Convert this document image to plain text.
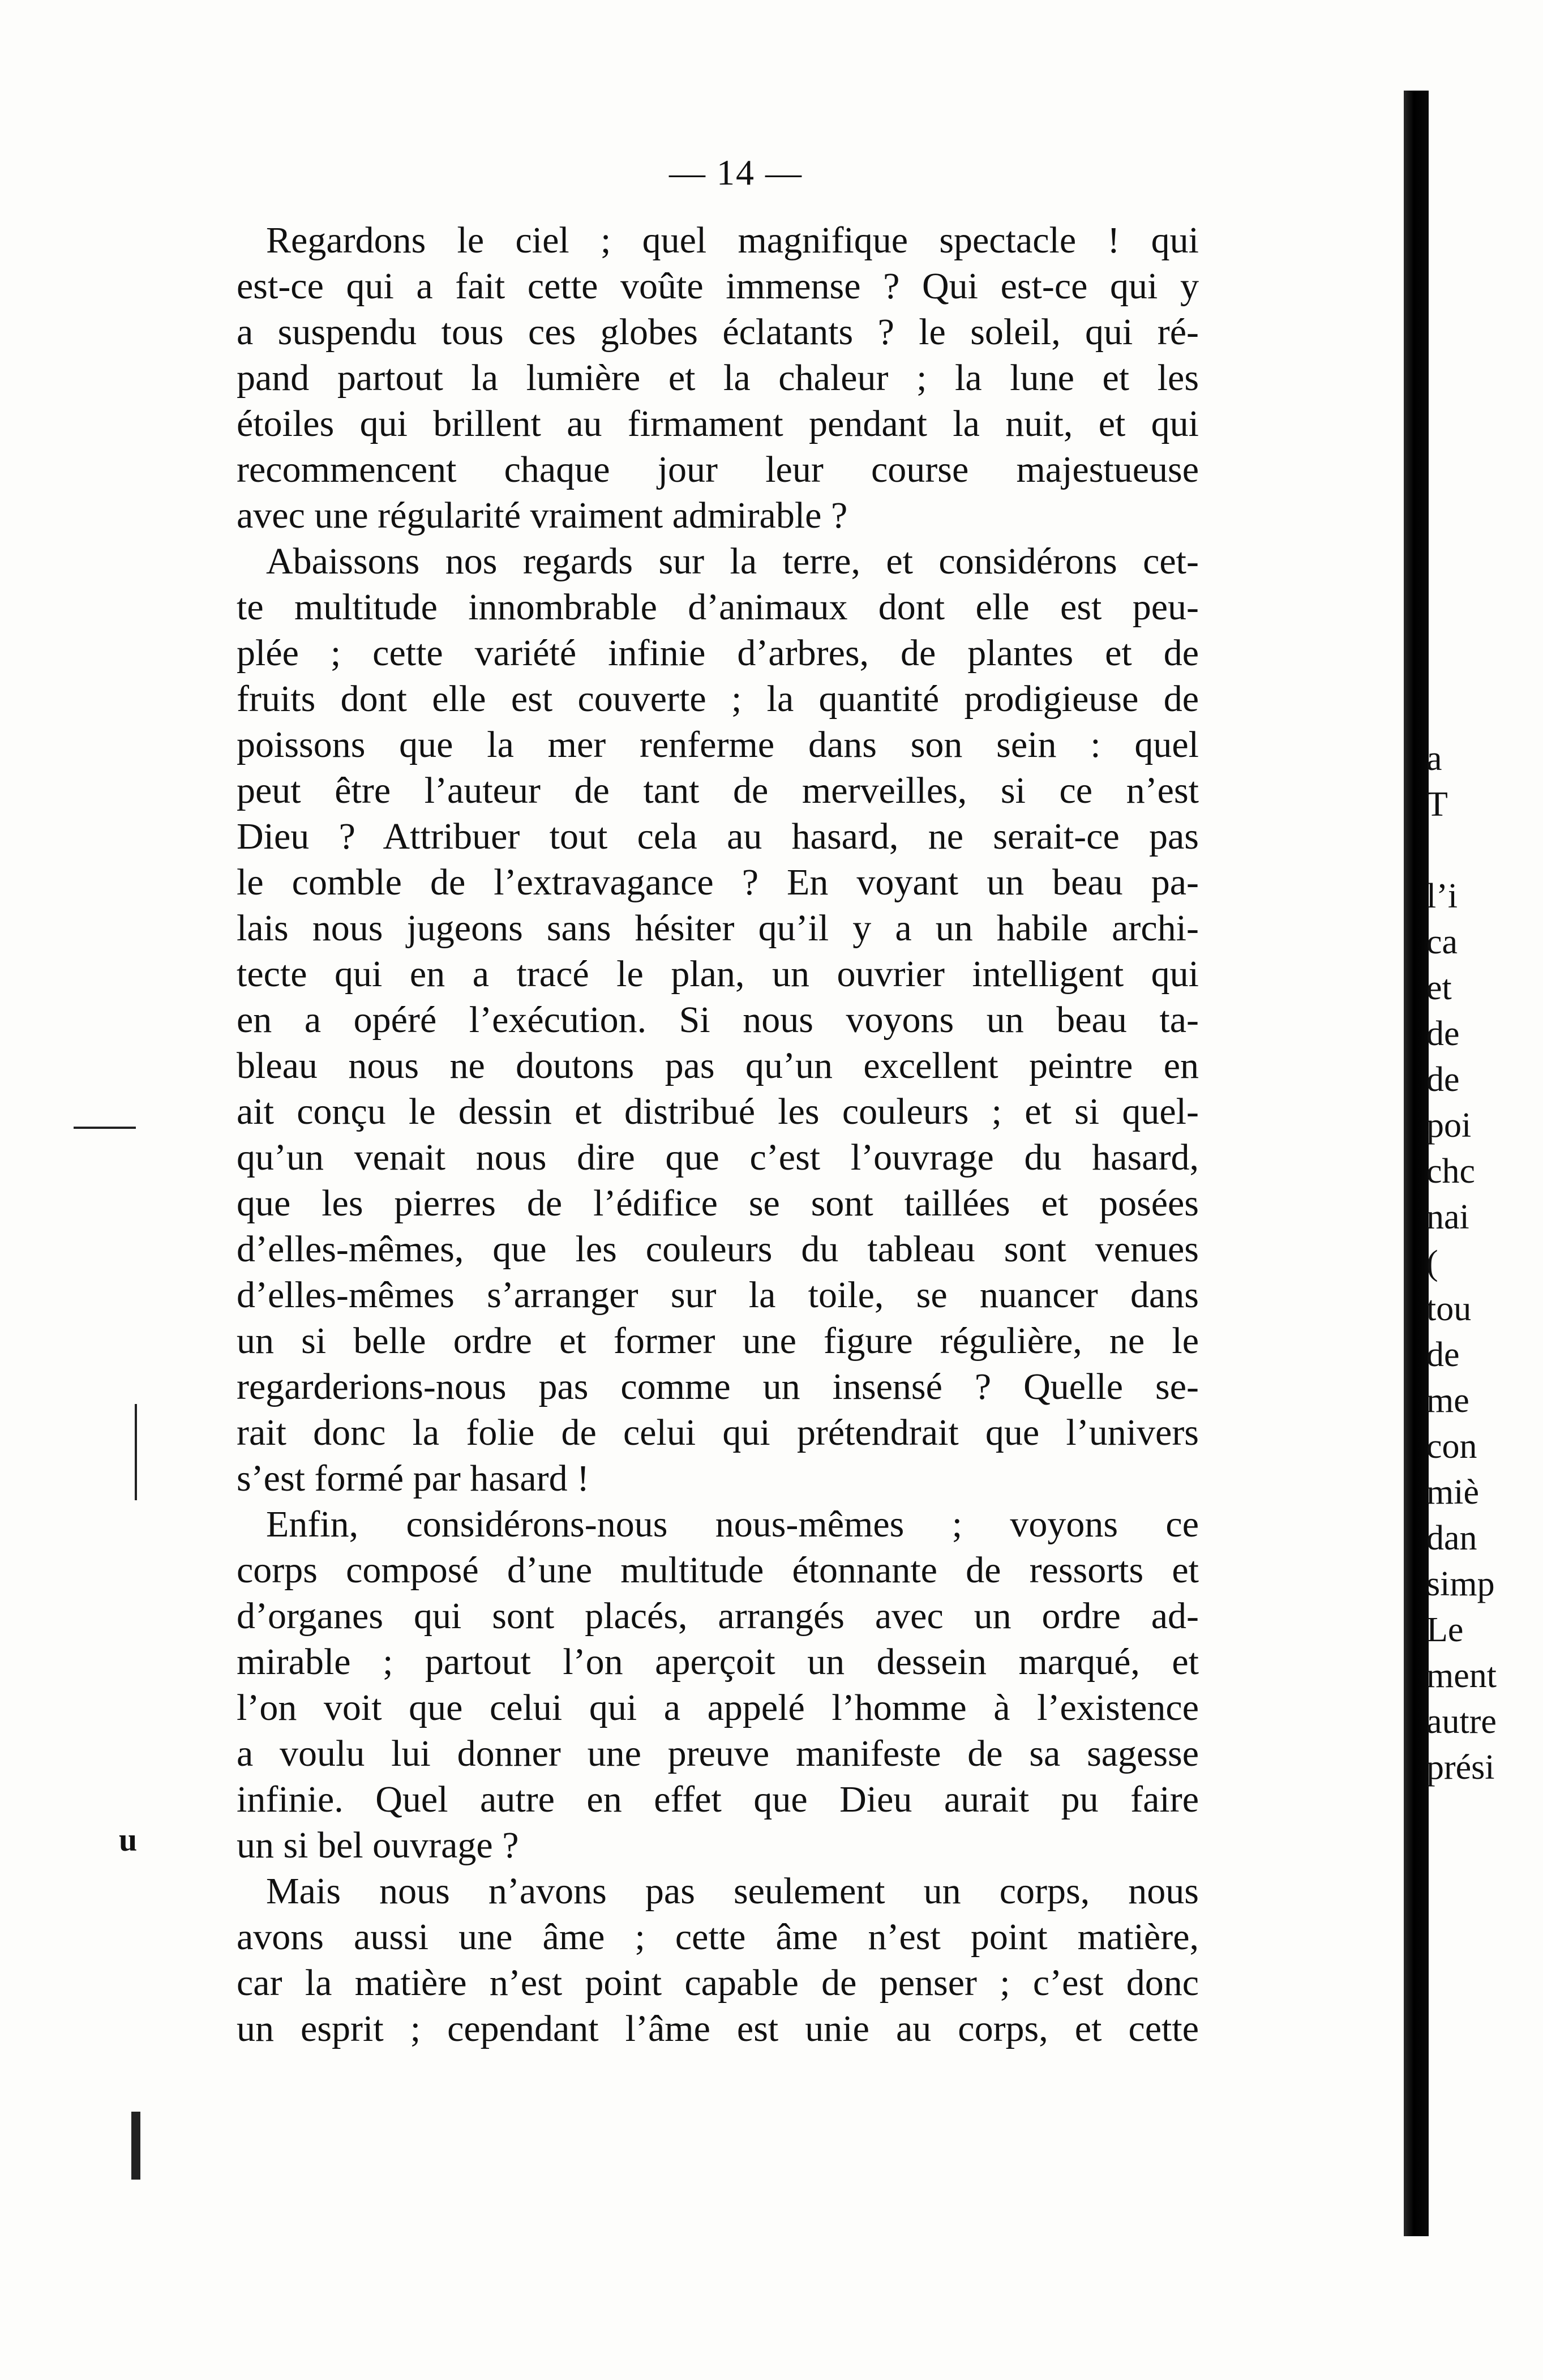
— 14 —
Regardons le ciel ; quel magnifique spectacle ! qui
est-ce qui a fait cette voûte immense ? Qui est-ce qui y
a suspendu tous ces globes éclatants ? le soleil, qui ré-
pand partout la lumière et la chaleur ; la lune et les
étoiles qui brillent au firmament pendant la nuit, et qui
recommencent chaque jour leur course majestueuse
avec une régularité vraiment admirable ?
Abaissons nos regards sur la terre, et considérons cet-
te multitude innombrable d’animaux dont elle est peu-
plée ; cette variété infinie d’arbres, de plantes et de
fruits dont elle est couverte ; la quantité prodigieuse de
poissons que la mer renferme dans son sein : quel
peut être l’auteur de tant de merveilles, si ce n’est
Dieu ? Attribuer tout cela au hasard, ne serait-ce pas
le comble de l’extravagance ? En voyant un beau pa-
lais nous jugeons sans hésiter qu’il y a un habile archi-
tecte qui en a tracé le plan, un ouvrier intelligent qui
en a opéré l’exécution. Si nous voyons un beau ta-
bleau nous ne doutons pas qu’un excellent peintre en
ait conçu le dessin et distribué les couleurs ; et si quel-
qu’un venait nous dire que c’est l’ouvrage du hasard,
que les pierres de l’édifice se sont taillées et posées
d’elles-mêmes, que les couleurs du tableau sont venues
d’elles-mêmes s’arranger sur la toile, se nuancer dans
un si belle ordre et former une figure régulière, ne le
regarderions-nous pas comme un insensé ? Quelle se-
rait donc la folie de celui qui prétendrait que l’univers
s’est formé par hasard !
Enfin, considérons-nous nous-mêmes ; voyons ce
corps composé d’une multitude étonnante de ressorts et
d’organes qui sont placés, arrangés avec un ordre ad-
mirable ; partout l’on aperçoit un dessein marqué, et
l’on voit que celui qui a appelé l’homme à l’existence
a voulu lui donner une preuve manifeste de sa sagesse
infinie. Quel autre en effet que Dieu aurait pu faire
un si bel ouvrage ?
Mais nous n’avons pas seulement un corps, nous
avons aussi une âme ; cette âme n’est point matière,
car la matière n’est point capable de penser ; c’est donc
un esprit ; cependant l’âme est unie au corps, et cette
u
a
T
l’i
ca
et
de
de
poi
chc
nai
(
tou
de
me
con
miè
dan
simp
Le
ment
autre
prési
